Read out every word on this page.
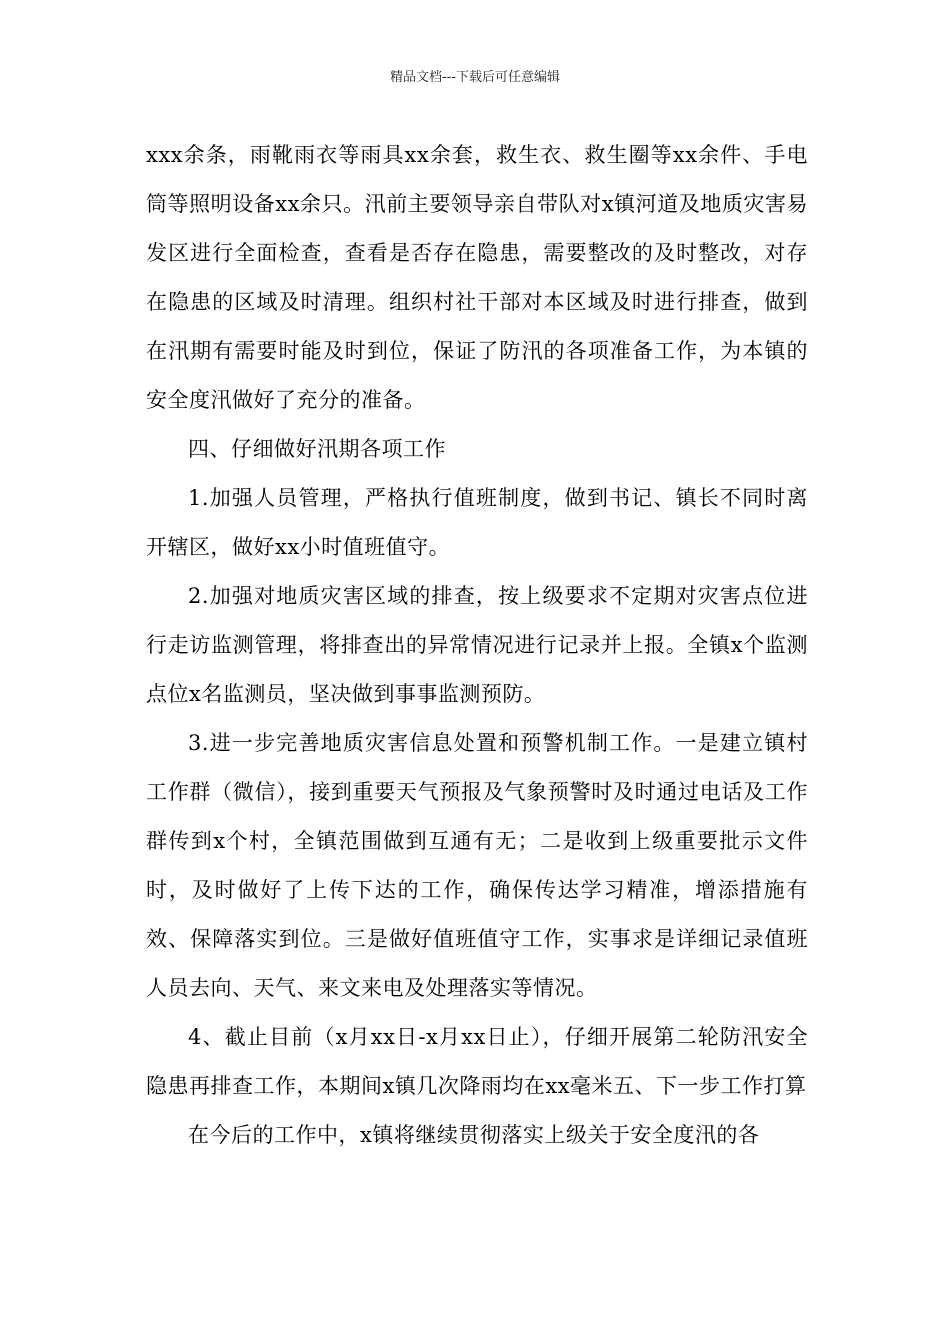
精品文档---下载后可任意编辑

xxx余条，雨靴雨衣等雨具xx余套，救生衣、救生圈等xx余件、手电筒等照明设备xx余只。汛前主要领导亲自带队对x镇河道及地质灾害易发区进行全面检查，查看是否存在隐患，需要整改的及时整改，对存在隐患的区域及时清理。组织村社干部对本区域及时进行排查，做到在汛期有需要时能及时到位，保证了防汛的各项准备工作，为本镇的安全度汛做好了充分的准备。

四、仔细做好汛期各项工作

1.加强人员管理，严格执行值班制度，做到书记、镇长不同时离开辖区，做好xx小时值班值守。

2.加强对地质灾害区域的排查，按上级要求不定期对灾害点位进行走访监测管理，将排查出的异常情况进行记录并上报。全镇x个监测点位x名监测员，坚决做到事事监测预防。

3.进一步完善地质灾害信息处置和预警机制工作。一是建立镇村工作群（微信），接到重要天气预报及气象预警时及时通过电话及工作群传到x个村，全镇范围做到互通有无；二是收到上级重要批示文件时，及时做好了上传下达的工作，确保传达学习精准，增添措施有效、保障落实到位。三是做好值班值守工作，实事求是详细记录值班人员去向、天气、来文来电及处理落实等情况。

4、截止目前（x月xx日-x月xx日止），仔细开展第二轮防汛安全隐患再排查工作，本期间x镇几次降雨均在xx毫米五、下一步工作打算

在今后的工作中，x镇将继续贯彻落实上级关于安全度汛的各
